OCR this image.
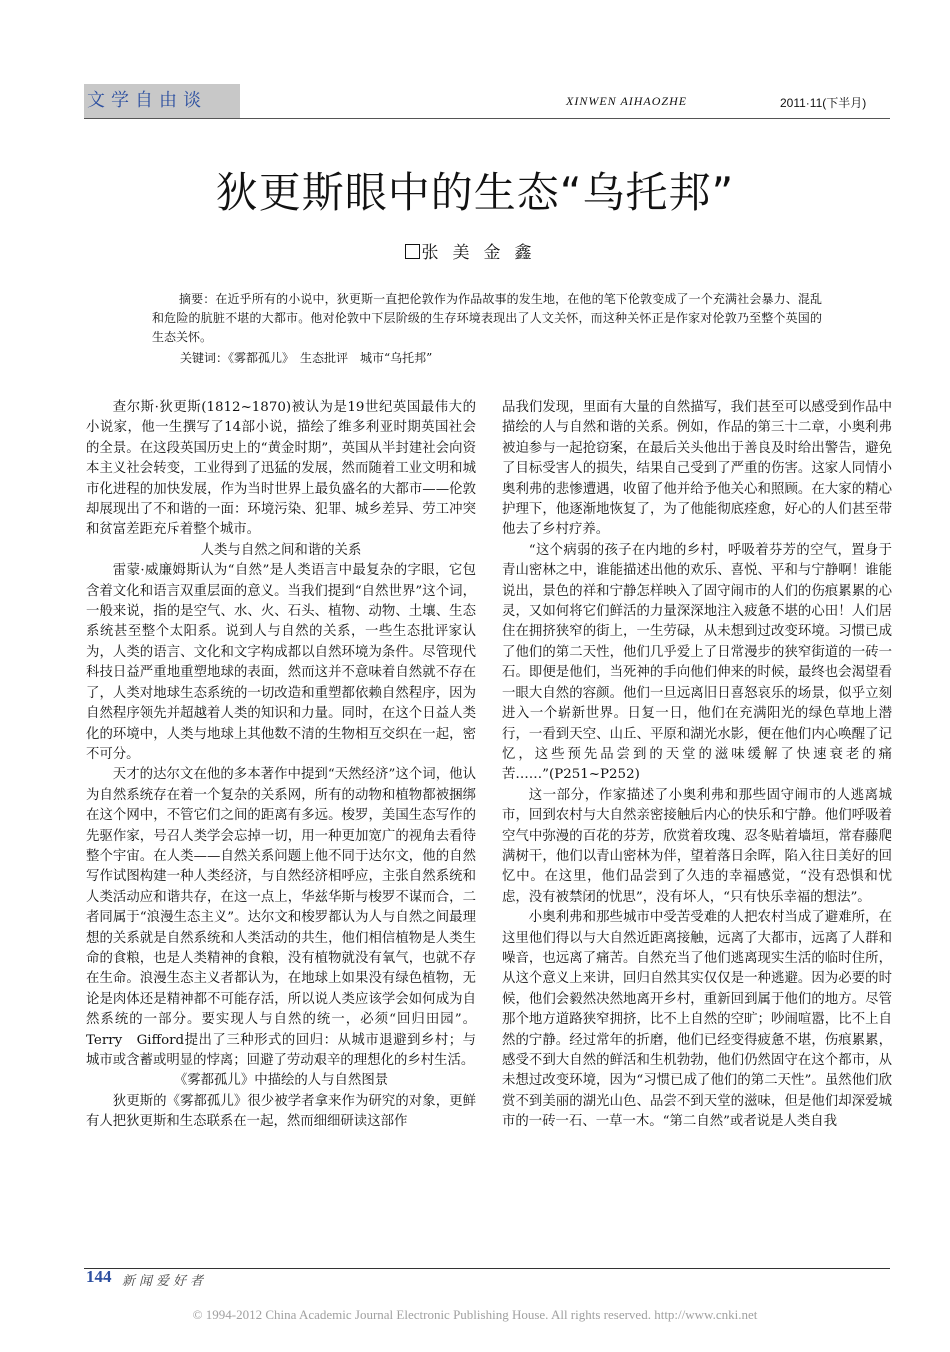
文学自由谈	XINWEN AIHAOZHE	2011·11(下半月)
狄更斯眼中的生态“乌托邦”
张美金鑫
摘要：在近乎所有的小说中，狄更斯一直把伦敦作为作品故事的发生地，在他的笔下伦敦变成了一个充满社会暴力、混乱和危险的肮脏不堪的大都市。他对伦敦中下层阶级的生存环境表现出了人文关怀，而这种关怀正是作家对伦敦乃至整个英国的生态关怀。
关键词：《雾都孤儿》　生态批评　城市“乌托邦”

查尔斯·狄更斯(1812~1870)被认为是19世纪英国最伟大的小说家，他一生撰写了14部小说，描绘了维多利亚时期英国社会的全景。在这段英国历史上的“黄金时期”，英国从半封建社会向资本主义社会转变，工业得到了迅猛的发展，然而随着工业文明和城市化进程的加快发展，作为当时世界上最负盛名的大都市——伦敦却展现出了不和谐的一面：环境污染、犯罪、城乡差异、劳工冲突和贫富差距充斥着整个城市。

人类与自然之间和谐的关系

雷蒙·威廉姆斯认为“自然”是人类语言中最复杂的字眼，它包含着文化和语言双重层面的意义。当我们提到“自然世界”这个词，一般来说，指的是空气、水、火、石头、植物、动物、土壤、生态系统甚至整个太阳系。说到人与自然的关系，一些生态批评家认为，人类的语言、文化和文字构成都以自然环境为条件。尽管现代科技日益严重地重塑地球的表面，然而这并不意味着自然就不存在了，人类对地球生态系统的一切改造和重塑都依赖自然程序，因为自然程序领先并超越着人类的知识和力量。同时，在这个日益人类化的环境中，人类与地球上其他数不清的生物相互交织在一起，密不可分。

天才的达尔文在他的多本著作中提到“天然经济”这个词，他认为自然系统存在着一个复杂的关系网，所有的动物和植物都被捆绑在这个网中，不管它们之间的距离有多远。梭罗，美国生态写作的先驱作家，号召人类学会忘掉一切，用一种更加宽广的视角去看待整个宇宙。在人类——自然关系问题上他不同于达尔文，他的自然写作试图构建一种人类经济，与自然经济相呼应，主张自然系统和人类活动应和谐共存，在这一点上，华兹华斯与梭罗不谋而合，二者同属于“浪漫生态主义”。达尔文和梭罗都认为人与自然之间最理想的关系就是自然系统和人类活动的共生，他们相信植物是人类生命的食粮，也是人类精神的食粮，没有植物就没有氧气，也就不存在生命。浪漫生态主义者都认为，在地球上如果没有绿色植物，无论是肉体还是精神都不可能存活，所以说人类应该学会如何成为自然系统的一部分。要实现人与自然的统一，必须“回归田园”。Terry　Gifford提出了三种形式的回归：从城市退避到乡村；与城市或含蓄或明显的悖离；回避了劳动艰辛的理想化的乡村生活。

《雾都孤儿》中描绘的人与自然图景

狄更斯的《雾都孤儿》很少被学者拿来作为研究的对象，更鲜有人把狄更斯和生态联系在一起，然而细细研读这部作

品我们发现，里面有大量的自然描写，我们甚至可以感受到作品中描绘的人与自然和谐的关系。例如，作品的第三十二章，小奥利弗被迫参与一起抢窃案，在最后关头他出于善良及时给出警告，避免了目标受害人的损失，结果自己受到了严重的伤害。这家人同情小奥利弗的悲惨遭遇，收留了他并给予他关心和照顾。在大家的精心护理下，他逐渐地恢复了，为了他能彻底痊愈，好心的人们甚至带他去了乡村疗养。

“这个病弱的孩子在内地的乡村，呼吸着芬芳的空气，置身于青山密林之中，谁能描述出他的欢乐、喜悦、平和与宁静啊！谁能说出，景色的祥和宁静怎样映入了固守闹市的人们的伤痕累累的心灵，又如何将它们鲜活的力量深深地注入疲惫不堪的心田！人们居住在拥挤狭窄的街上，一生劳碌，从未想到过改变环境。习惯已成了他们的第二天性，他们几乎爱上了日常漫步的狭窄街道的一砖一石。即便是他们，当死神的手向他们伸来的时候，最终也会渴望看一眼大自然的容颜。他们一旦远离旧日喜怒哀乐的场景，似乎立刻进入一个崭新世界。日复一日，他们在充满阳光的绿色草地上潜行，一看到天空、山丘、平原和湖光水影，便在他们内心唤醒了记忆，这些预先品尝到的天堂的滋味缓解了快速衰老的痛苦……”(P251~P252)

这一部分，作家描述了小奥利弗和那些固守闹市的人逃离城市，回到农村与大自然亲密接触后内心的快乐和宁静。他们呼吸着空气中弥漫的百花的芬芳，欣赏着玫瑰、忍冬贴着墙垣，常春藤爬满树干，他们以青山密林为伴，望着落日余晖，陷入往日美好的回忆中。在这里，他们品尝到了久违的幸福感觉，“没有恐惧和忧虑，没有被禁闭的忧思”，没有坏人，“只有快乐幸福的想法”。

小奥利弗和那些城市中受苦受难的人把农村当成了避难所，在这里他们得以与大自然近距离接触，远离了大都市，远离了人群和噪音，也远离了痛苦。自然充当了他们逃离现实生活的临时住所，从这个意义上来讲，回归自然其实仅仅是一种逃避。因为必要的时候，他们会毅然决然地离开乡村，重新回到属于他们的地方。尽管那个地方道路狭窄拥挤，比不上自然的空旷；吵闹喧嚣，比不上自然的宁静。经过常年的折磨，他们已经变得疲惫不堪，伤痕累累，感受不到大自然的鲜活和生机勃勃，他们仍然固守在这个都市，从未想过改变环境，因为“习惯已成了他们的第二天性”。虽然他们欣赏不到美丽的湖光山色、品尝不到天堂的滋味，但是他们却深爱城市的一砖一石、一草一木。“第二自然”或者说是人类自我

144 新闻爱好者
© 1994-2012 China Academic Journal Electronic Publishing House. All rights reserved. http://www.cnki.net
